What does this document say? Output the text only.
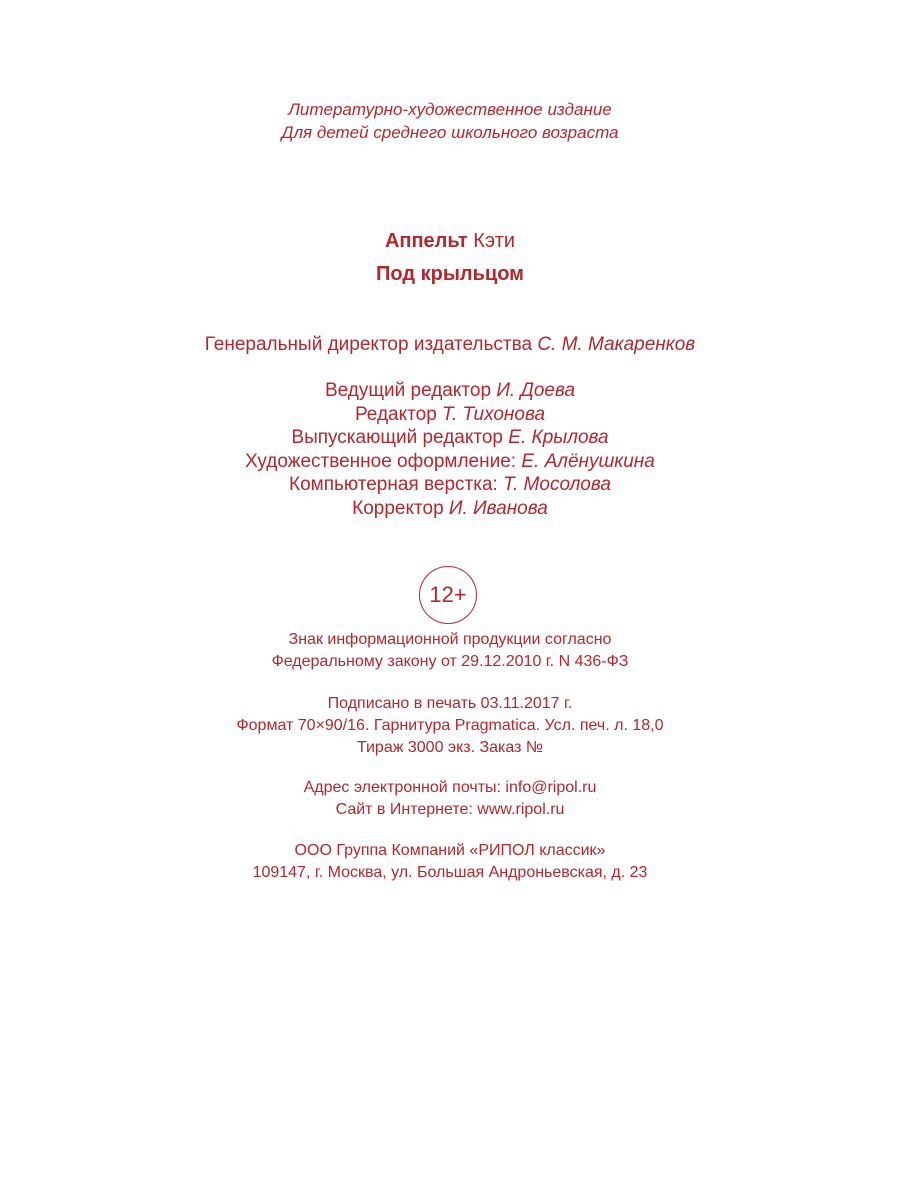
Литературно-художественное издание
Для детей среднего школьного возраста
Аппельт Кэти
Под крыльцом
Генеральный директор издательства С. М. Макаренков
Ведущий редактор И. Доева
Редактор Т. Тихонова
Выпускающий редактор Е. Крылова
Художественное оформление: Е. Алёнушкина
Компьютерная верстка: Т. Мосолова
Корректор И. Иванова
12+
Знак информационной продукции согласно
Федеральному закону от 29.12.2010 г. N 436-ФЗ
Подписано в печать 03.11.2017 г.
Формат 70×90/16. Гарнитура Pragmatica. Усл. печ. л. 18,0
Тираж 3000 экз. Заказ №
Адрес электронной почты: info@ripol.ru
Сайт в Интернете: www.ripol.ru
ООО Группа Компаний «РИПОЛ классик»
109147, г. Москва, ул. Большая Андроньевская, д. 23
